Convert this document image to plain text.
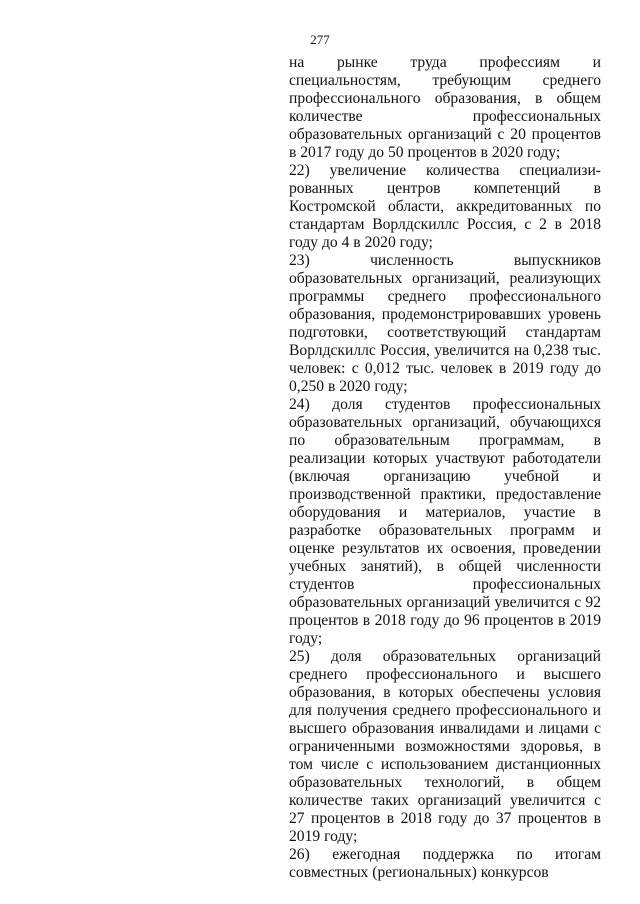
277

на рынке труда профессиям и специальностям, требующим среднего профессионального образования, в общем количестве профессиональных образовательных организаций с 20 процентов в 2017 году до 50 процентов в 2020 году;

22) увеличение количества специализи-рованных центров компетенций в Костромской области, аккредитованных по стандартам Ворлдскиллс Россия, с 2 в 2018 году до 4 в 2020 году;

23) численность выпускников образовательных организаций, реализующих программы среднего профессионального образования, продемонстрировавших уровень подготовки, соответствующий стандартам Ворлдскиллс Россия, увеличится на 0,238 тыс. человек: с 0,012 тыс. человек в 2019 году до 0,250 в 2020 году;

24) доля студентов профессиональных образовательных организаций, обучающихся по образовательным программам, в реализации которых участвуют работодатели (включая организацию учебной и производственной практики, предоставление оборудования и материалов, участие в разработке образовательных программ и оценке результатов их освоения, проведении учебных занятий), в общей численности студентов профессиональных образовательных организаций увеличится с 92 процентов в 2018 году до 96 процентов в 2019 году;

25) доля образовательных организаций среднего профессионального и высшего образования, в которых обеспечены условия для получения среднего профессионального и высшего образования инвалидами и лицами с ограниченными возможностями здоровья, в том числе с использованием дистанционных образовательных технологий, в общем количестве таких организаций увеличится с 27 процентов в 2018 году до 37 процентов в 2019 году;

26) ежегодная поддержка по итогам совместных (региональных) конкурсов
